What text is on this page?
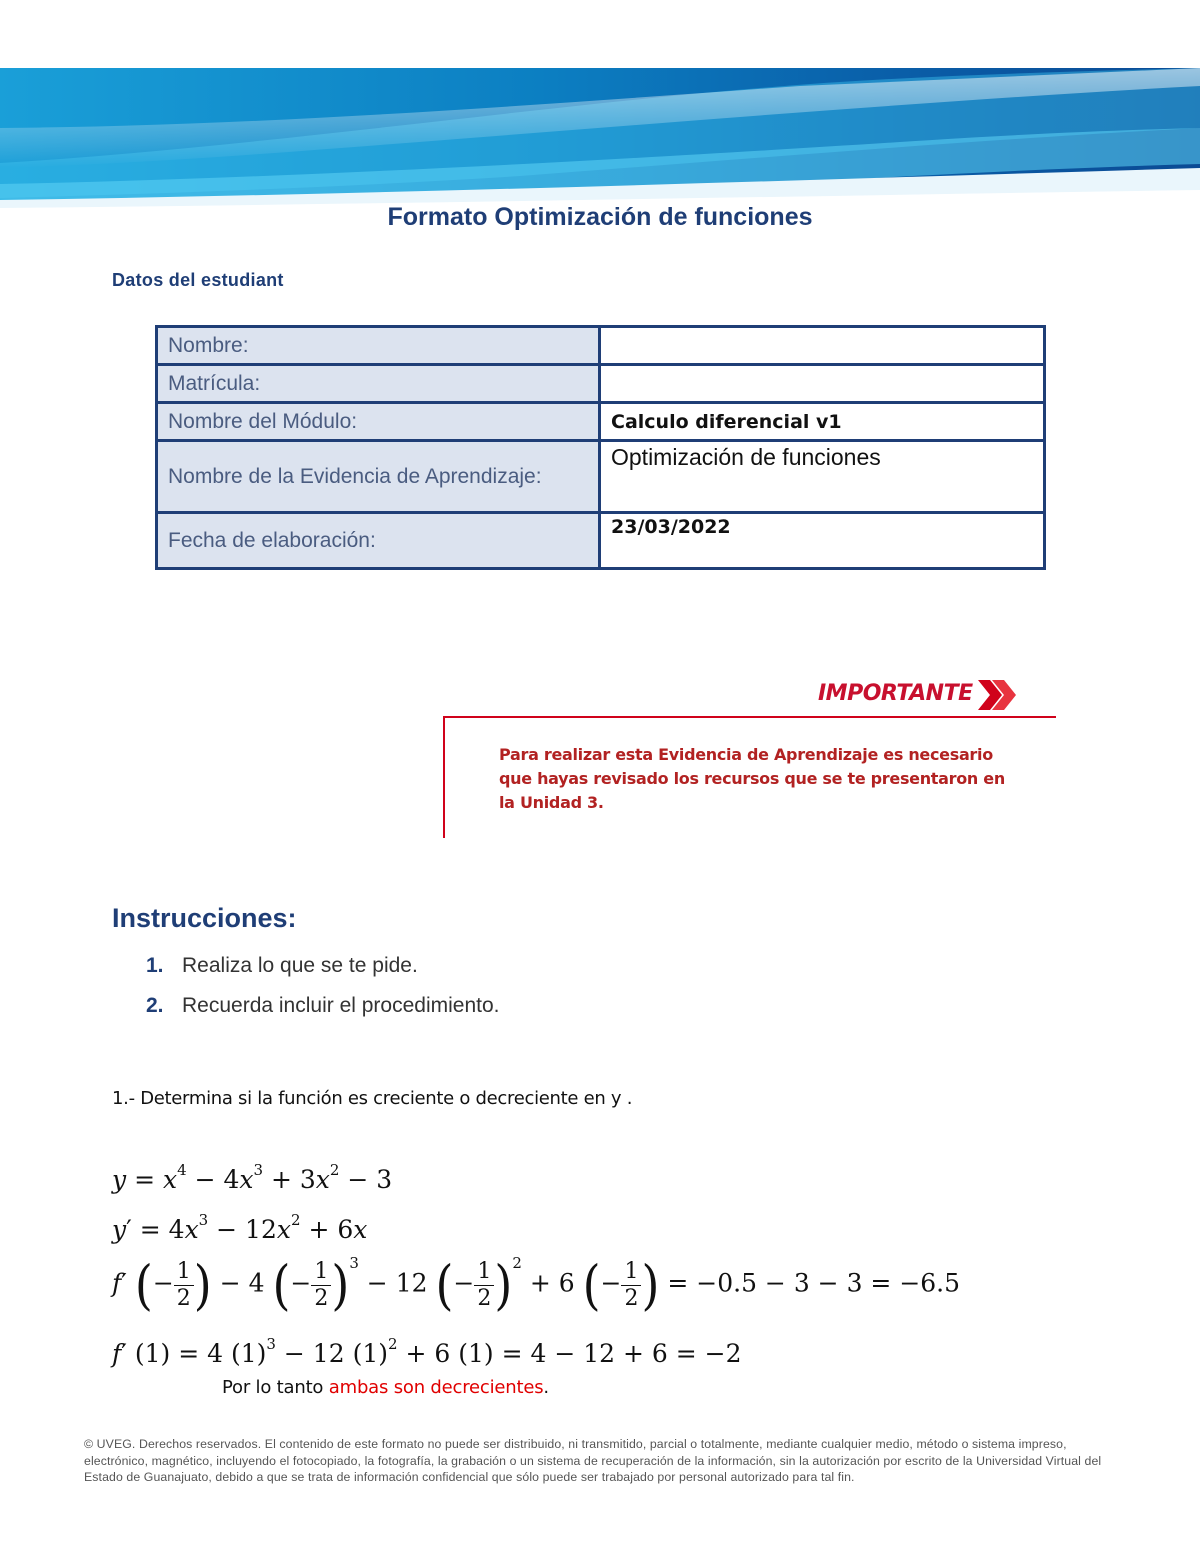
Formato Optimización de funciones
Datos del estudiant
Nombre:	
Matrícula:	
Nombre del Módulo:	Calculo diferencial v1
Nombre de la Evidencia de Aprendizaje:	Optimización de funciones
Fecha de elaboración:	23/03/2022
IMPORTANTE
Para realizar esta Evidencia de Aprendizaje es necesario que hayas revisado los recursos que se te presentaron en la Unidad 3.
Instrucciones:
1. Realiza lo que se te pide.
2. Recuerda incluir el procedimiento.
1.- Determina si la función es creciente o decreciente en y .
$y = x^4 - 4x^3 + 3x^2 - 3$
$y' = 4x^3 - 12x^2 + 6x$
f′ (− $\frac{1}{2}$ ) − 4 (− $\frac{1}{2} )^3 - 12$ (− $\frac{1}{2} )^2 + 6$ (− $\frac{1}{2}$ ) = −0.5 − 3 − 3 = −6.5
f′ (1) = 4 $(1)^3 - 12$ $(1)^2 + 6$ (1) = 4 − 12 + 6 = −2
Por lo tanto ambas son decrecientes.
© UVEG. Derechos reservados. El contenido de este formato no puede ser distribuido, ni transmitido, parcial o totalmente, mediante cualquier medio, método o sistema impreso, electrónico, magnético, incluyendo el fotocopiado, la fotografía, la grabación o un sistema de recuperación de la información, sin la autorización por escrito de la Universidad Virtual del Estado de Guanajuato, debido a que se trata de información confidencial que sólo puede ser trabajado por personal autorizado para tal fin.
